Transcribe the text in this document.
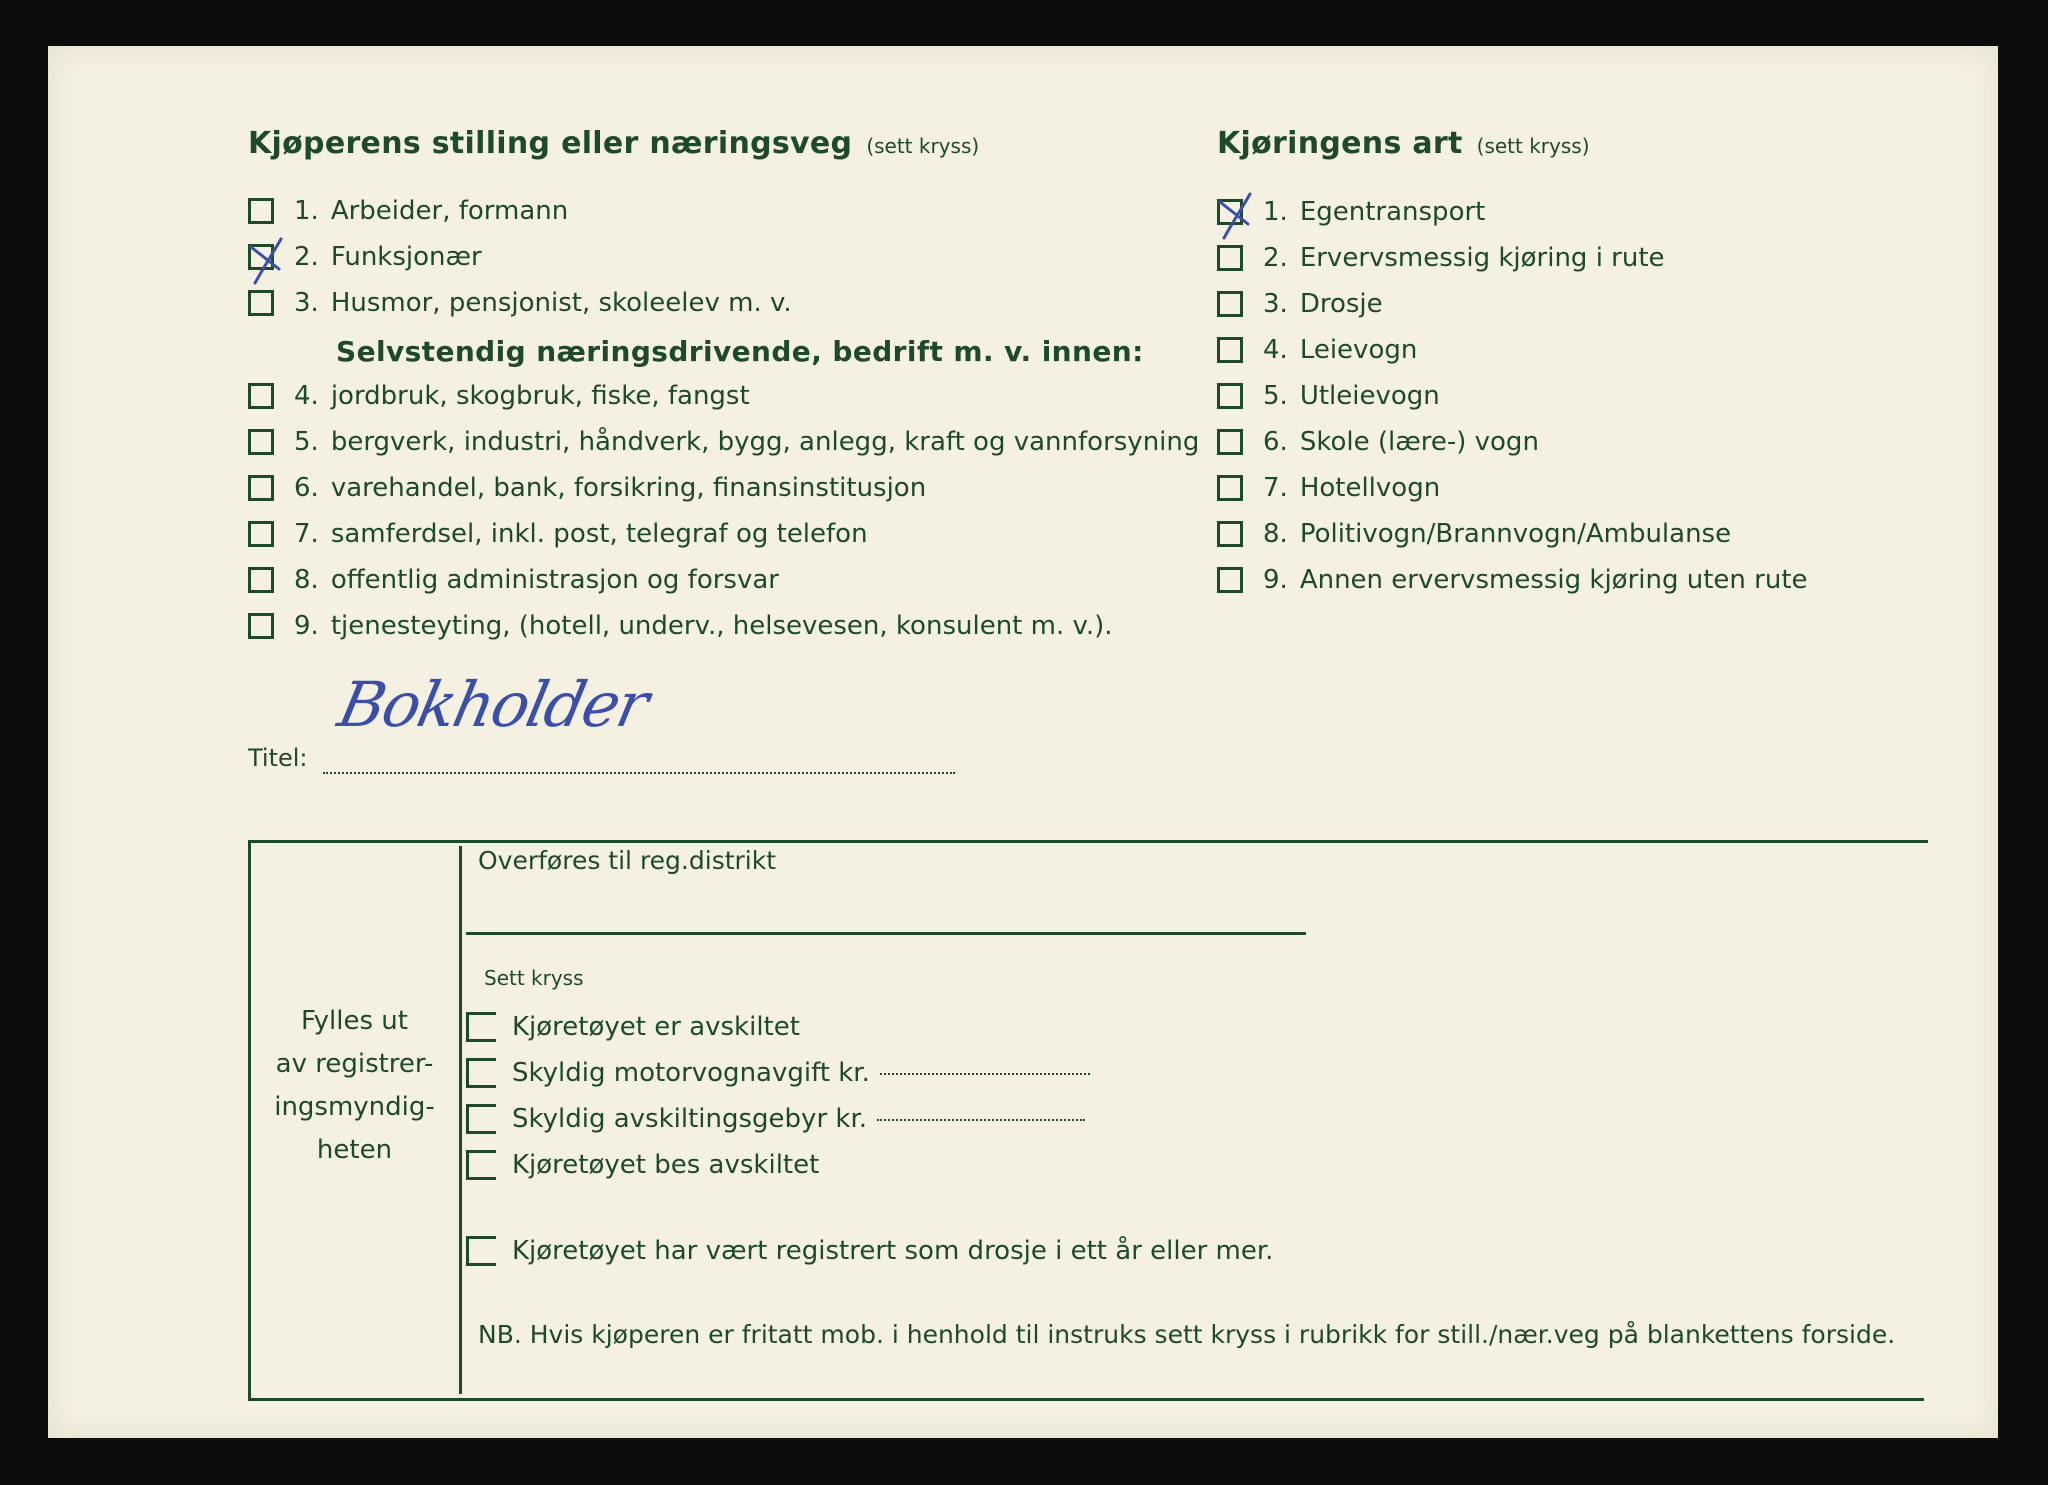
Kjøperens stilling eller næringsveg (sett kryss)
1. Arbeider, formann
2. Funksjonær
3. Husmor, pensjonist, skoleelev m. v.
Selvstendig næringsdrivende, bedrift m. v. innen:
4. jordbruk, skogbruk, fiske, fangst
5. bergverk, industri, håndverk, bygg, anlegg, kraft og vannforsyning
6. varehandel, bank, forsikring, finansinstitusjon
7. samferdsel, inkl. post, telegraf og telefon
8. offentlig administrasjon og forsvar
9. tjenesteyting, (hotell, underv., helsevesen, konsulent m. v.).
Titel:
Bokholder
Kjøringens art (sett kryss)
1. Egentransport
2. Ervervsmessig kjøring i rute
3. Drosje
4. Leievogn
5. Utleievogn
6. Skole (lære-) vogn
7. Hotellvogn
8. Politivogn/Brannvogn/Ambulanse
9. Annen ervervsmessig kjøring uten rute
Fylles ut
av registrer-
ingsmyndig-
heten
Overføres til reg.distrikt
Sett kryss
Kjøretøyet er avskiltet
Skyldig motorvognavgift kr.
Skyldig avskiltingsgebyr kr.
Kjøretøyet bes avskiltet
Kjøretøyet har vært registrert som drosje i ett år eller mer.
NB. Hvis kjøperen er fritatt mob. i henhold til instruks sett kryss i rubrikk for still./nær.veg på blankettens forside.
